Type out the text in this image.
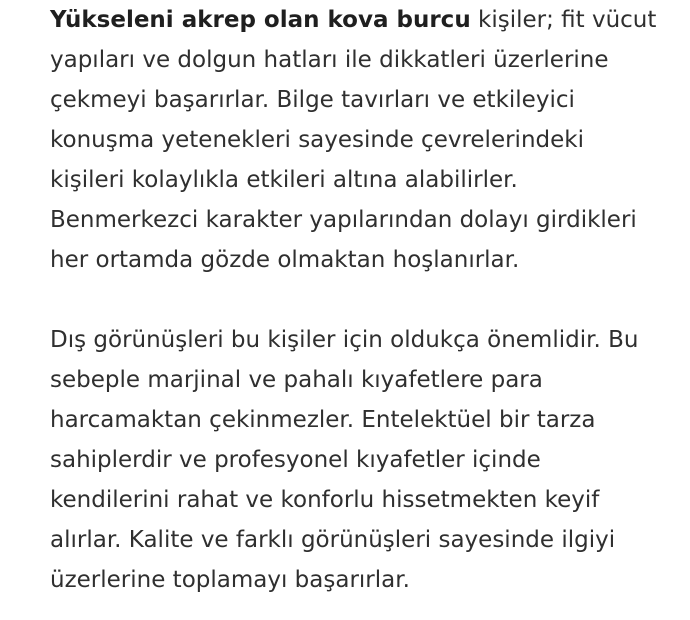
Yükseleni akrep olan kova burcu kişiler; fit vücut
yapıları ve dolgun hatları ile dikkatleri üzerlerine
çekmeyi başarırlar. Bilge tavırları ve etkileyici
konuşma yetenekleri sayesinde çevrelerindeki
kişileri kolaylıkla etkileri altına alabilirler.
Benmerkezci karakter yapılarından dolayı girdikleri
her ortamda gözde olmaktan hoşlanırlar.

Dış görünüşleri bu kişiler için oldukça önemlidir. Bu
sebeple marjinal ve pahalı kıyafetlere para
harcamaktan çekinmezler. Entelektüel bir tarza
sahiplerdir ve profesyonel kıyafetler içinde
kendilerini rahat ve konforlu hissetmekten keyif
alırlar. Kalite ve farklı görünüşleri sayesinde ilgiyi
üzerlerine toplamayı başarırlar.
